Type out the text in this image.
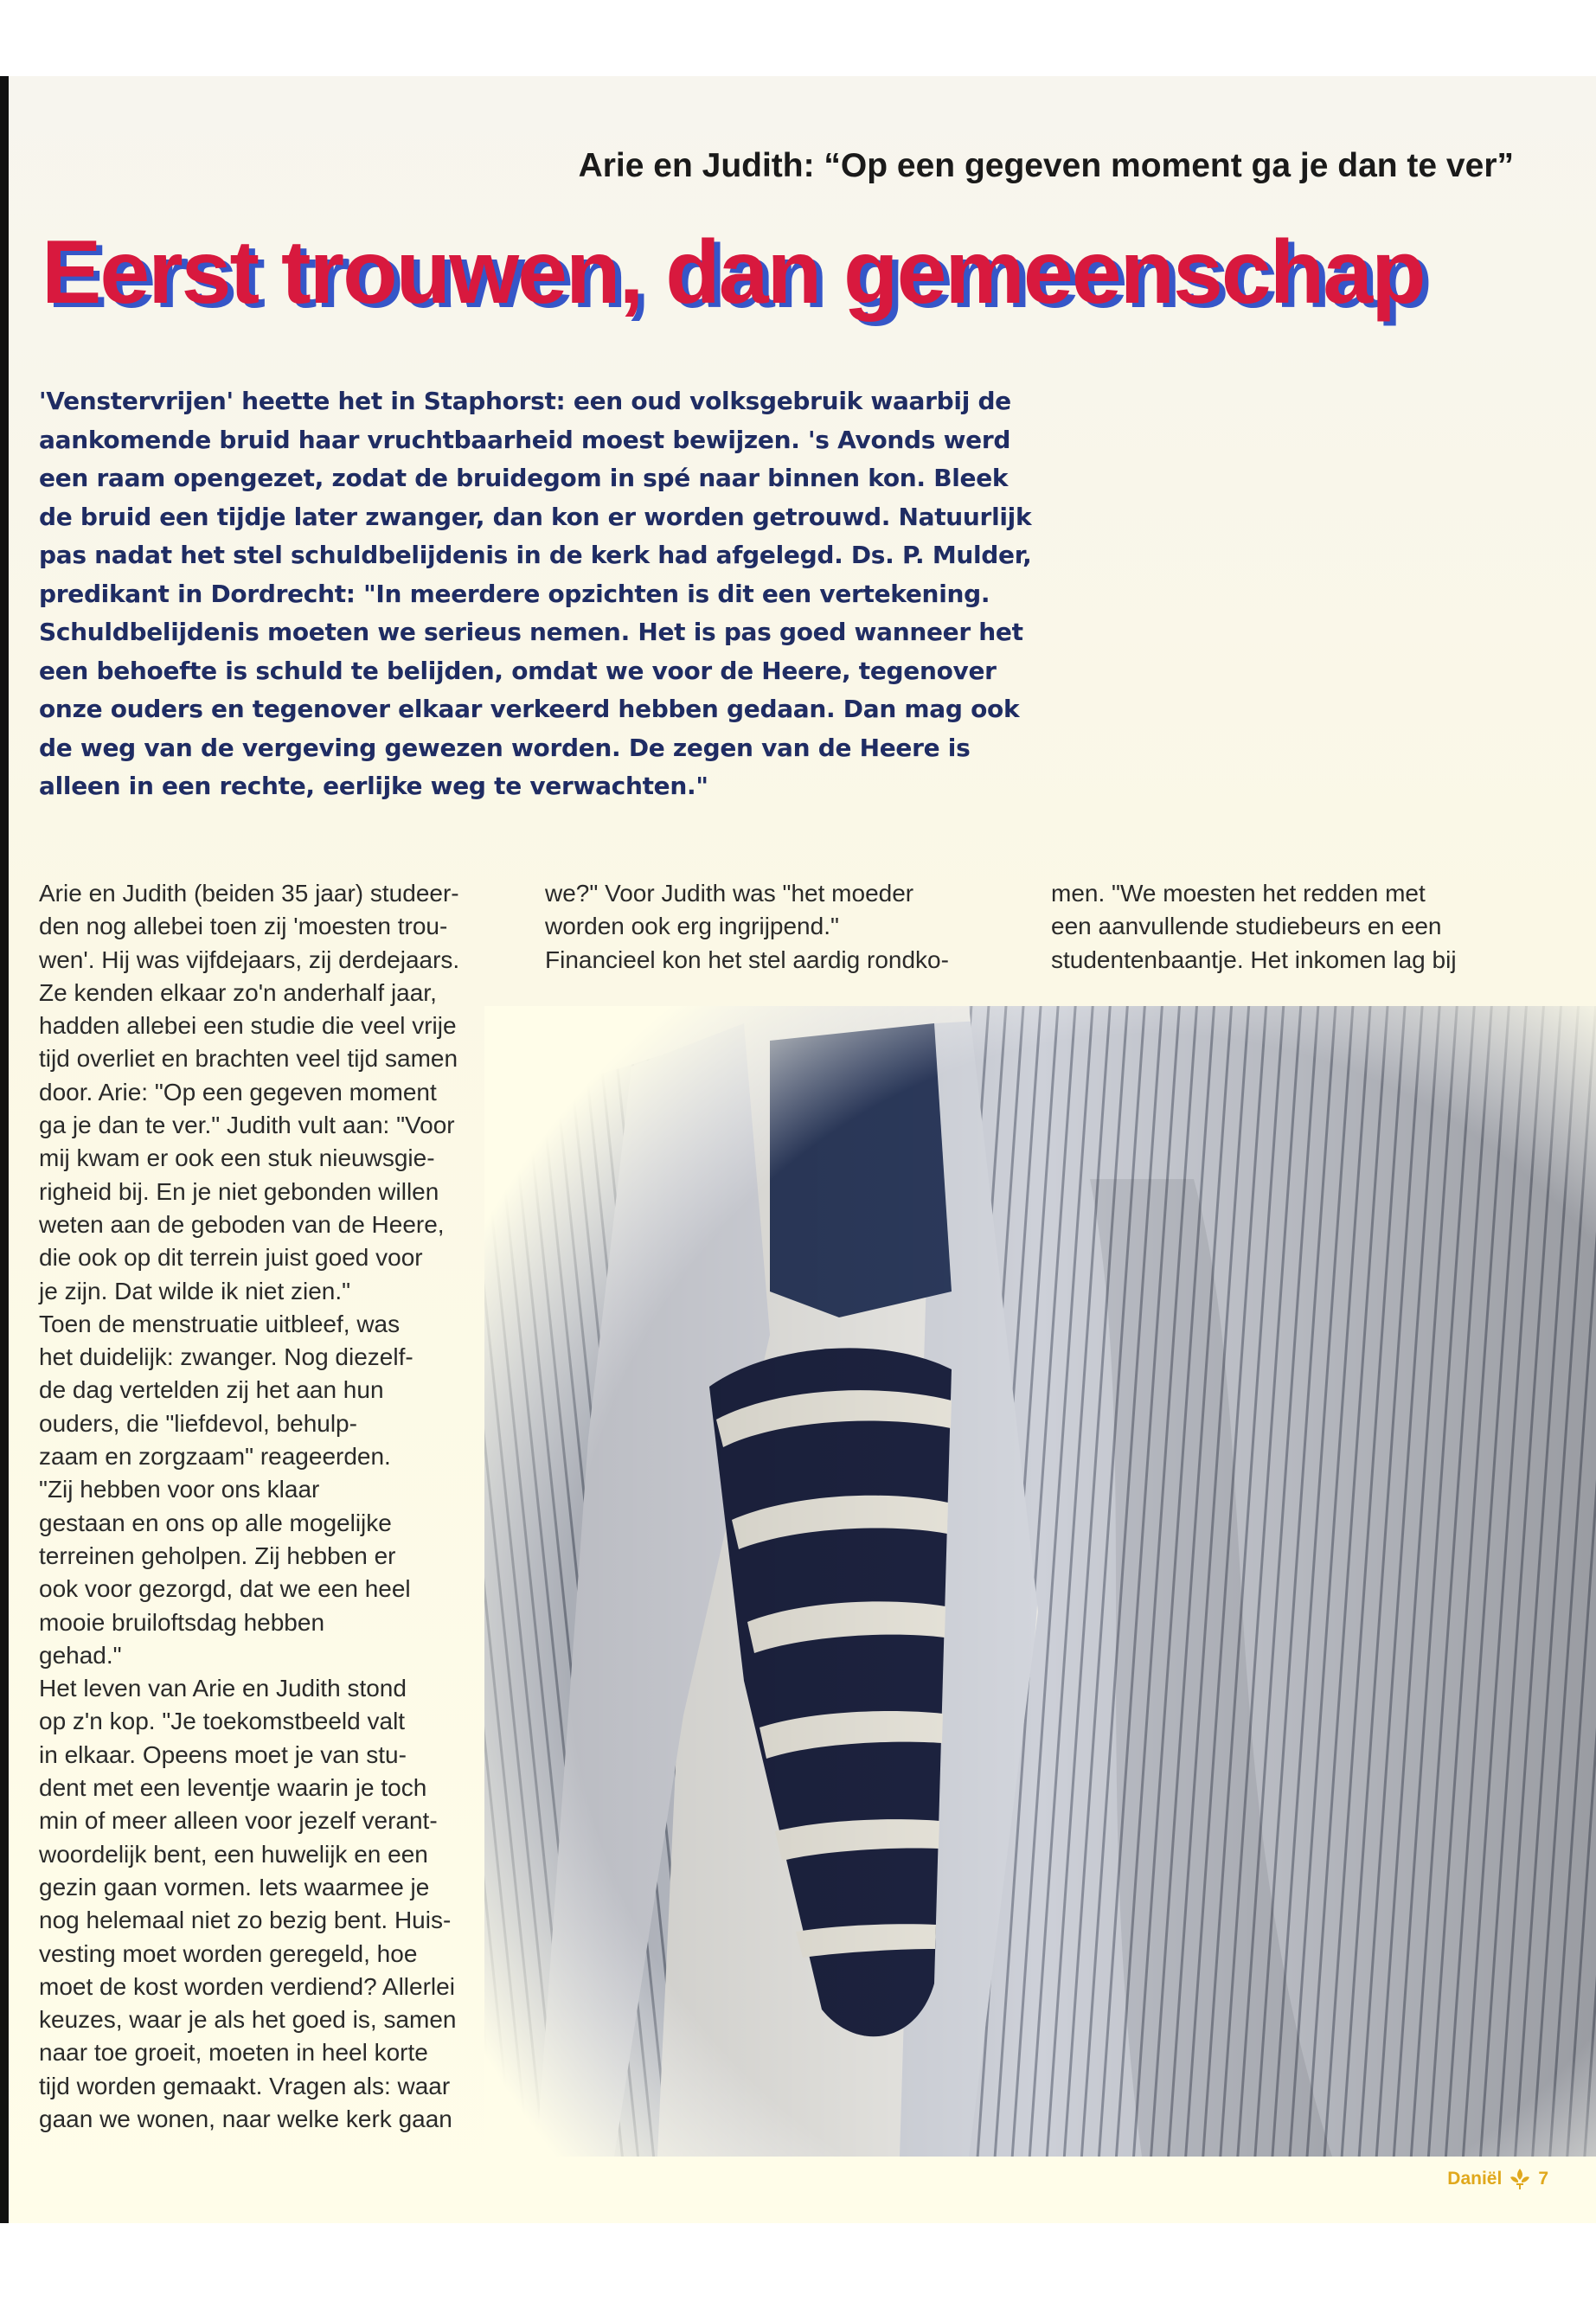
Arie en Judith: “Op een gegeven moment ga je dan te ver”
Eerst trouwen, dan gemeenschap
'Venstervrijen' heette het in Staphorst: een oud volksgebruik waarbij de
aankomende bruid haar vruchtbaarheid moest bewijzen. 's Avonds werd
een raam opengezet, zodat de bruidegom in spé naar binnen kon. Bleek
de bruid een tijdje later zwanger, dan kon er worden getrouwd. Natuurlijk
pas nadat het stel schuldbelijdenis in de kerk had afgelegd. Ds. P. Mulder,
predikant in Dordrecht: "In meerdere opzichten is dit een vertekening.
Schuldbelijdenis moeten we serieus nemen. Het is pas goed wanneer het
een behoefte is schuld te belijden, omdat we voor de Heere, tegenover
onze ouders en tegenover elkaar verkeerd hebben gedaan. Dan mag ook
de weg van de vergeving gewezen worden. De zegen van de Heere is
alleen in een rechte, eerlijke weg te verwachten."
Arie en Judith (beiden 35 jaar) studeer-
den nog allebei toen zij 'moesten trou-
wen'. Hij was vijfdejaars, zij derdejaars.
Ze kenden elkaar zo'n anderhalf jaar,
hadden allebei een studie die veel vrije
tijd overliet en brachten veel tijd samen
door. Arie: "Op een gegeven moment
ga je dan te ver." Judith vult aan: "Voor
mij kwam er ook een stuk nieuwsgie-
righeid bij. En je niet gebonden willen
weten aan de geboden van de Heere,
die ook op dit terrein juist goed voor
je zijn. Dat wilde ik niet zien."
Toen de menstruatie uitbleef, was
het duidelijk: zwanger. Nog diezelf-
de dag vertelden zij het aan hun
ouders, die "liefdevol, behulp-
zaam en zorgzaam" reageerden.
"Zij hebben voor ons klaar
gestaan en ons op alle mogelijke
terreinen geholpen. Zij hebben er
ook voor gezorgd, dat we een heel
mooie bruiloftsdag hebben
gehad."
Het leven van Arie en Judith stond
op z'n kop. "Je toekomstbeeld valt
in elkaar. Opeens moet je van stu-
dent met een leventje waarin je toch
min of meer alleen voor jezelf verant-
woordelijk bent, een huwelijk en een
gezin gaan vormen. Iets waarmee je
nog helemaal niet zo bezig bent. Huis-
vesting moet worden geregeld, hoe
moet de kost worden verdiend? Allerlei
keuzes, waar je als het goed is, samen
naar toe groeit, moeten in heel korte
tijd worden gemaakt. Vragen als: waar
gaan we wonen, naar welke kerk gaan
we?" Voor Judith was "het moeder
worden ook erg ingrijpend."
Financieel kon het stel aardig rondko-
men. "We moesten het redden met
een aanvullende studiebeurs en een
studentenbaantje. Het inkomen lag bij
Daniël 7
